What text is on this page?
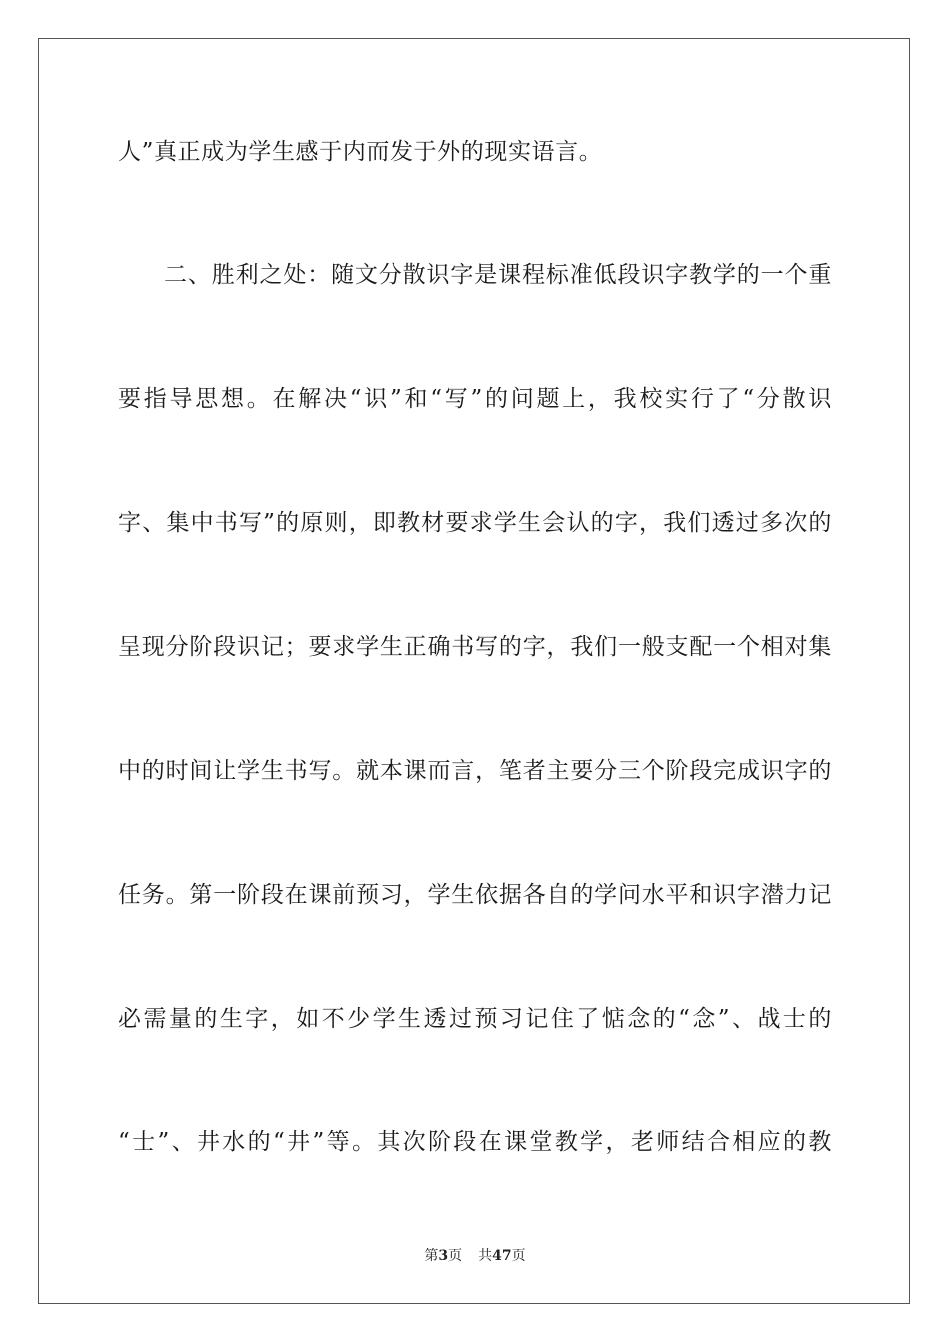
人”真正成为学生感于内而发于外的现实语言。
二、胜利之处：随文分散识字是课程标准低段识字教学的一个重
要指导思想。在解决“识”和“写”的问题上，我校实行了“分散识
字、集中书写”的原则，即教材要求学生会认的字，我们透过多次的
呈现分阶段识记；要求学生正确书写的字，我们一般支配一个相对集
中的时间让学生书写。就本课而言，笔者主要分三个阶段完成识字的
任务。第一阶段在课前预习，学生依据各自的学问水平和识字潜力记
必需量的生字，如不少学生透过预习记住了惦念的“念”、战士的
“士”、井水的“井”等。其次阶段在课堂教学，老师结合相应的教
第3页 共47页
